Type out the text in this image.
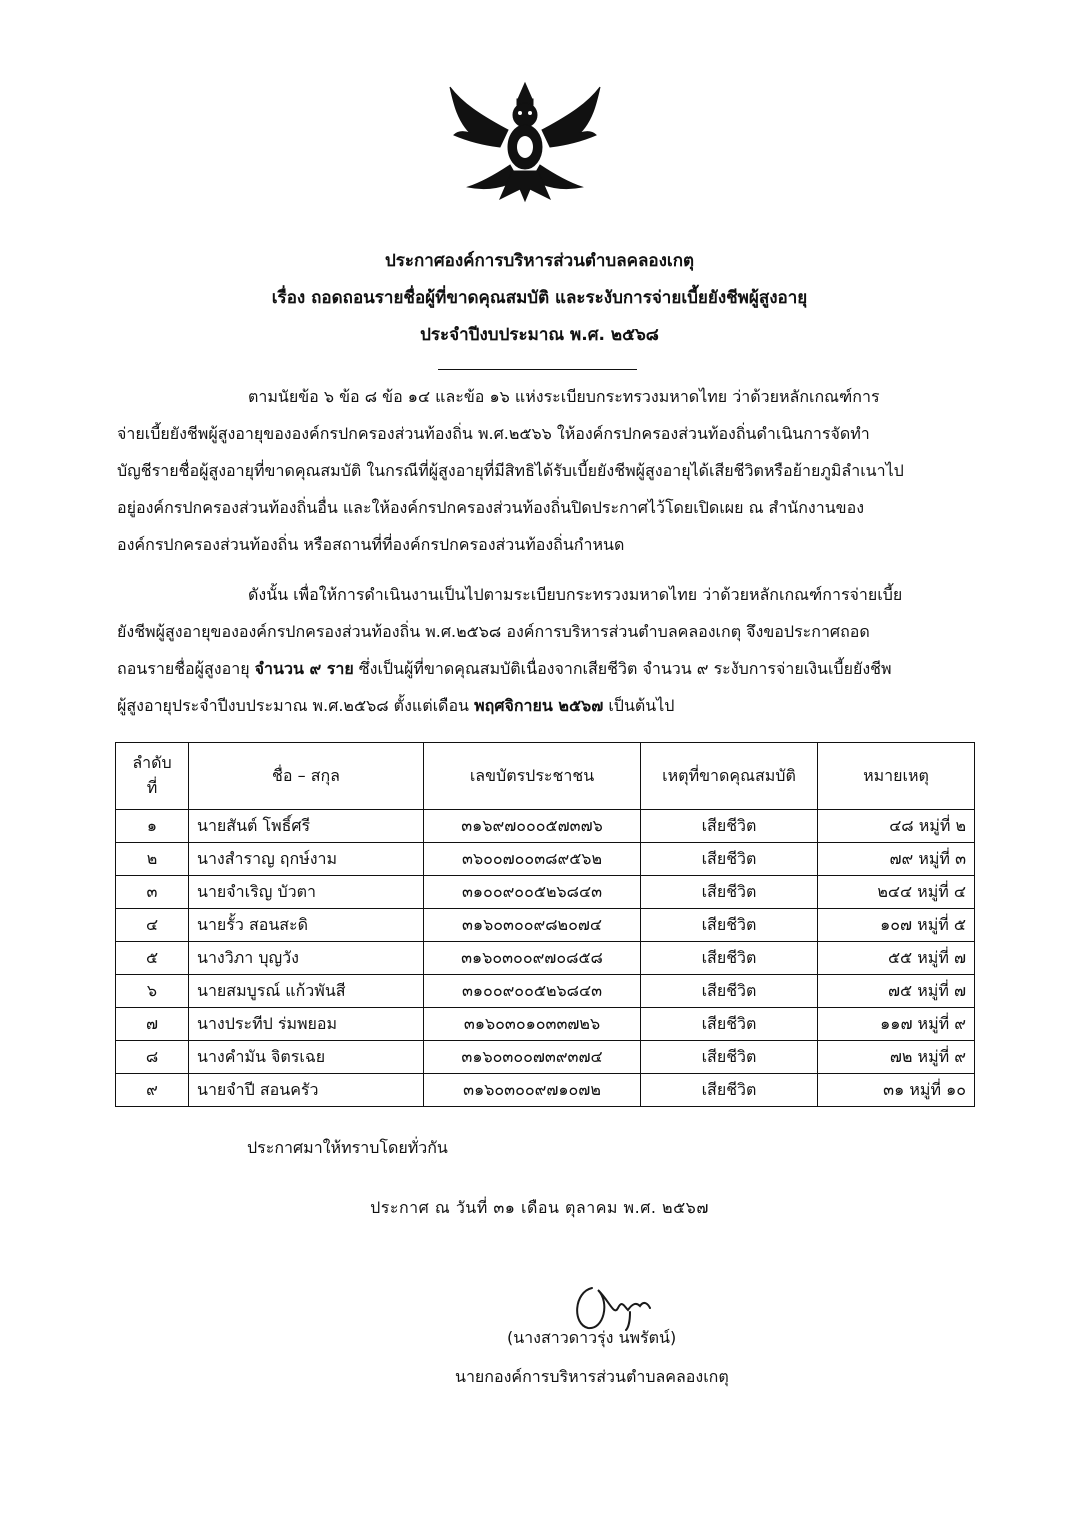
ประกาศองค์การบริหารส่วนตำบลคลองเกตุ
เรื่อง ถอดถอนรายชื่อผู้ที่ขาดคุณสมบัติ และระงับการจ่ายเบี้ยยังชีพผู้สูงอายุ
ประจำปีงบประมาณ พ.ศ. ๒๕๖๘
ตามนัยข้อ ๖ ข้อ ๘ ข้อ ๑๔ และข้อ ๑๖ แห่งระเบียบกระทรวงมหาดไทย ว่าด้วยหลักเกณฑ์การ
จ่ายเบี้ยยังชีพผู้สูงอายุขององค์กรปกครองส่วนท้องถิ่น พ.ศ.๒๕๖๖ ให้องค์กรปกครองส่วนท้องถิ่นดำเนินการจัดทำ
บัญชีรายชื่อผู้สูงอายุที่ขาดคุณสมบัติ ในกรณีที่ผู้สูงอายุที่มีสิทธิได้รับเบี้ยยังชีพผู้สูงอายุได้เสียชีวิตหรือย้ายภูมิลำเนาไป
อยู่องค์กรปกครองส่วนท้องถิ่นอื่น และให้องค์กรปกครองส่วนท้องถิ่นปิดประกาศไว้โดยเปิดเผย ณ สำนักงานของ
องค์กรปกครองส่วนท้องถิ่น หรือสถานที่ที่องค์กรปกครองส่วนท้องถิ่นกำหนด
ดังนั้น เพื่อให้การดำเนินงานเป็นไปตามระเบียบกระทรวงมหาดไทย ว่าด้วยหลักเกณฑ์การจ่ายเบี้ย
ยังชีพผู้สูงอายุขององค์กรปกครองส่วนท้องถิ่น พ.ศ.๒๕๖๘ องค์การบริหารส่วนตำบลคลองเกตุ จึงขอประกาศถอด
ถอนรายชื่อผู้สูงอายุ จำนวน ๙ ราย ซึ่งเป็นผู้ที่ขาดคุณสมบัติเนื่องจากเสียชีวิต จำนวน ๙ ระงับการจ่ายเงินเบี้ยยังชีพ
ผู้สูงอายุประจำปีงบประมาณ พ.ศ.๒๕๖๘ ตั้งแต่เดือน พฤศจิกายน ๒๕๖๗ เป็นต้นไป
ลำดับ
ที่	ชื่อ – สกุล	เลขบัตรประชาชน	เหตุที่ขาดคุณสมบัติ	หมายเหตุ
๑	นายสันต์ โพธิ์ศรี	๓๑๖๙๗๐๐๐๕๗๓๗๖	เสียชีวิต	๔๘ หมู่ที่ ๒
๒	นางสำราญ ฤกษ์งาม	๓๖๐๐๗๐๐๓๘๙๕๖๒	เสียชีวิต	๗๙ หมู่ที่ ๓
๓	นายจำเริญ บัวตา	๓๑๐๐๙๐๐๕๒๖๘๔๓	เสียชีวิต	๒๔๔ หมู่ที่ ๔
๔	นายรั้ว สอนสะดิ	๓๑๖๐๓๐๐๙๘๒๐๗๔	เสียชีวิต	๑๐๗ หมู่ที่ ๕
๕	นางวิภา บุญวัง	๓๑๖๐๓๐๐๙๗๐๘๕๘	เสียชีวิต	๕๕ หมู่ที่ ๗
๖	นายสมบูรณ์ แก้วพันสี	๓๑๐๐๙๐๐๕๒๖๘๔๓	เสียชีวิต	๗๕ หมู่ที่ ๗
๗	นางประทีป ร่มพยอม	๓๑๖๐๓๐๑๐๓๓๗๒๖	เสียชีวิต	๑๑๗ หมู่ที่ ๙
๘	นางคำมัน จิตรเฉย	๓๑๖๐๓๐๐๗๓๙๓๗๔	เสียชีวิต	๗๒ หมู่ที่ ๙
๙	นายจำปี สอนครัว	๓๑๖๐๓๐๐๙๗๑๐๗๒	เสียชีวิต	๓๑ หมู่ที่ ๑๐
ประกาศมาให้ทราบโดยทั่วกัน
ประกาศ ณ วันที่ ๓๑ เดือน ตุลาคม พ.ศ. ๒๕๖๗
(นางสาวดาวรุ่ง นพรัตน์)
นายกองค์การบริหารส่วนตำบลคลองเกตุ
